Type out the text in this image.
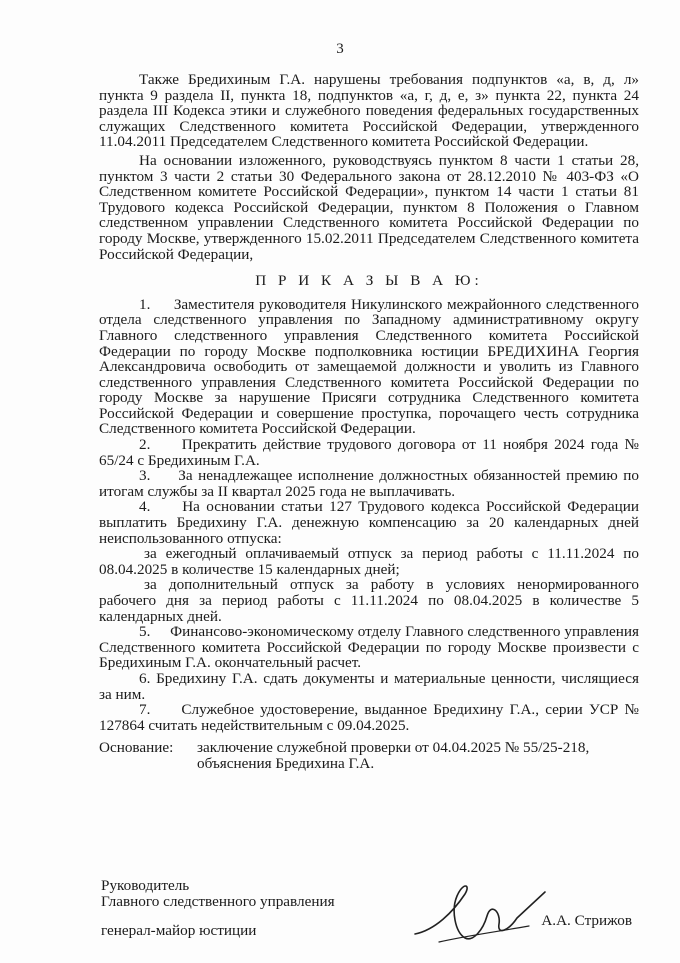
3

Также Бредихиным Г.А. нарушены требования подпунктов «а, в, д, л» пункта 9 раздела II, пункта 18, подпунктов «а, г, д, е, з» пункта 22, пункта 24 раздела III Кодекса этики и служебного поведения федеральных государственных служащих Следственного комитета Российской Федерации, утвержденного 11.04.2011 Председателем Следственного комитета Российской Федерации.

На основании изложенного, руководствуясь пунктом 8 части 1 статьи 28, пунктом 3 части 2 статьи 30 Федерального закона от 28.12.2010 № 403-ФЗ «О Следственном комитете Российской Федерации», пунктом 14 части 1 статьи 81 Трудового кодекса Российской Федерации, пунктом 8 Положения о Главном следственном управлении Следственного комитета Российской Федерации по городу Москве, утвержденного 15.02.2011 Председателем Следственного комитета Российской Федерации,

П Р И К А З Ы В А Ю:

1.     Заместителя руководителя Никулинского межрайонного следственного отдела следственного управления по Западному административному округу Главного следственного управления Следственного комитета Российской Федерации по городу Москве подполковника юстиции БРЕДИХИНА Георгия Александровича освободить от замещаемой должности и уволить из Главного следственного управления Следственного комитета Российской Федерации по городу Москве за нарушение Присяги сотрудника Следственного комитета Российской Федерации и совершение проступка, порочащего честь сотрудника Следственного комитета Российской Федерации.

2.     Прекратить действие трудового договора от 11 ноября 2024 года № 65/24 с Бредихиным Г.А.

3.     За ненадлежащее исполнение должностных обязанностей премию по итогам службы за II квартал 2025 года не выплачивать.

4.     На основании статьи 127 Трудового кодекса Российской Федерации выплатить Бредихину Г.А. денежную компенсацию за 20 календарных дней неиспользованного отпуска:

за ежегодный оплачиваемый отпуск за период работы с 11.11.2024 по 08.04.2025 в количестве 15 календарных дней;

за дополнительный отпуск за работу в условиях ненормированного рабочего дня за период работы с 11.11.2024 по 08.04.2025 в количестве 5 календарных дней.

5.     Финансово-экономическому отделу Главного следственного управления Следственного комитета Российской Федерации по городу Москве произвести с Бредихиным Г.А. окончательный расчет.

6. Бредихину Г.А. сдать документы и материальные ценности, числящиеся за ним.

7.     Служебное удостоверение, выданное Бредихину Г.А., серии УСР № 127864 считать недействительным с 09.04.2025.

Основание:	заключение служебной проверки от 04.04.2025 № 55/25-218,
объяснения Бредихина Г.А.
Руководитель
Главного следственного управления
генерал-майор юстиции
А.А. Стрижов
